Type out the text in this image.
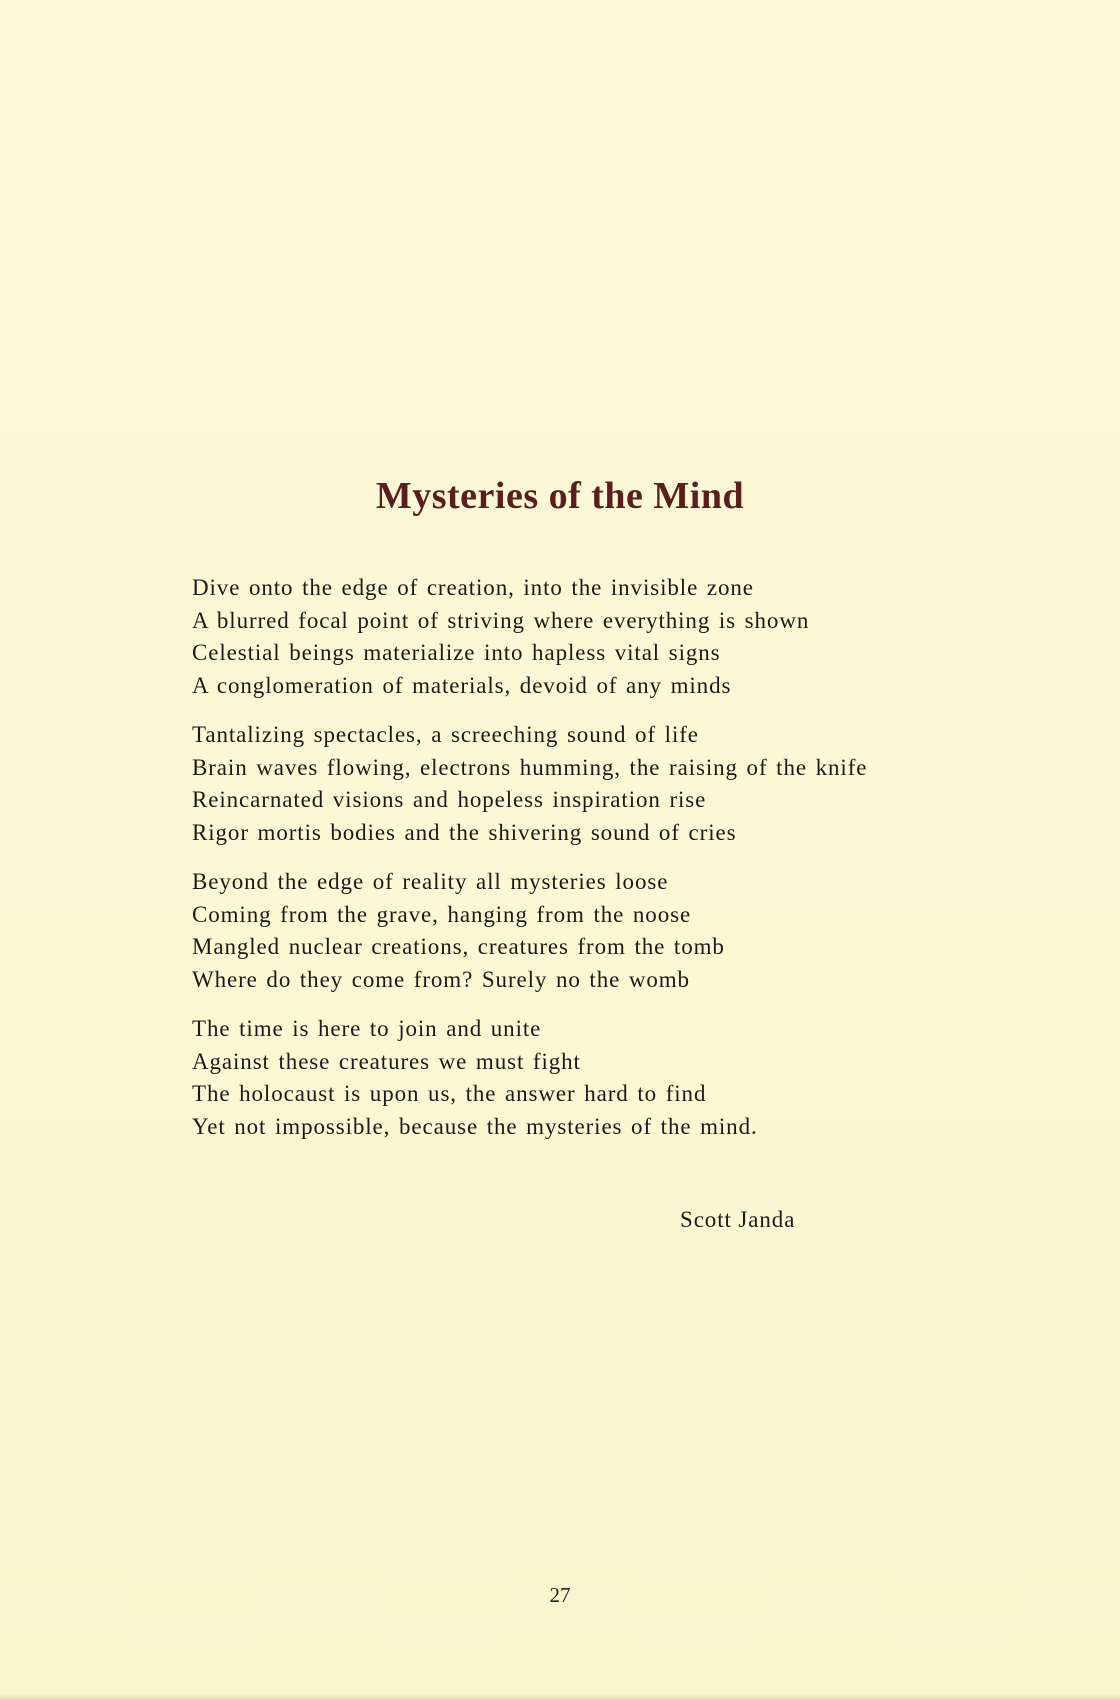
Mysteries of the Mind
Dive onto the edge of creation, into the invisible zone
A blurred focal point of striving where everything is shown
Celestial beings materialize into hapless vital signs
A conglomeration of materials, devoid of any minds
Tantalizing spectacles, a screeching sound of life
Brain waves flowing, electrons humming, the raising of the knife
Reincarnated visions and hopeless inspiration rise
Rigor mortis bodies and the shivering sound of cries
Beyond the edge of reality all mysteries loose
Coming from the grave, hanging from the noose
Mangled nuclear creations, creatures from the tomb
Where do they come from? Surely no the womb
The time is here to join and unite
Against these creatures we must fight
The holocaust is upon us, the answer hard to find
Yet not impossible, because the mysteries of the mind.
Scott Janda
27
